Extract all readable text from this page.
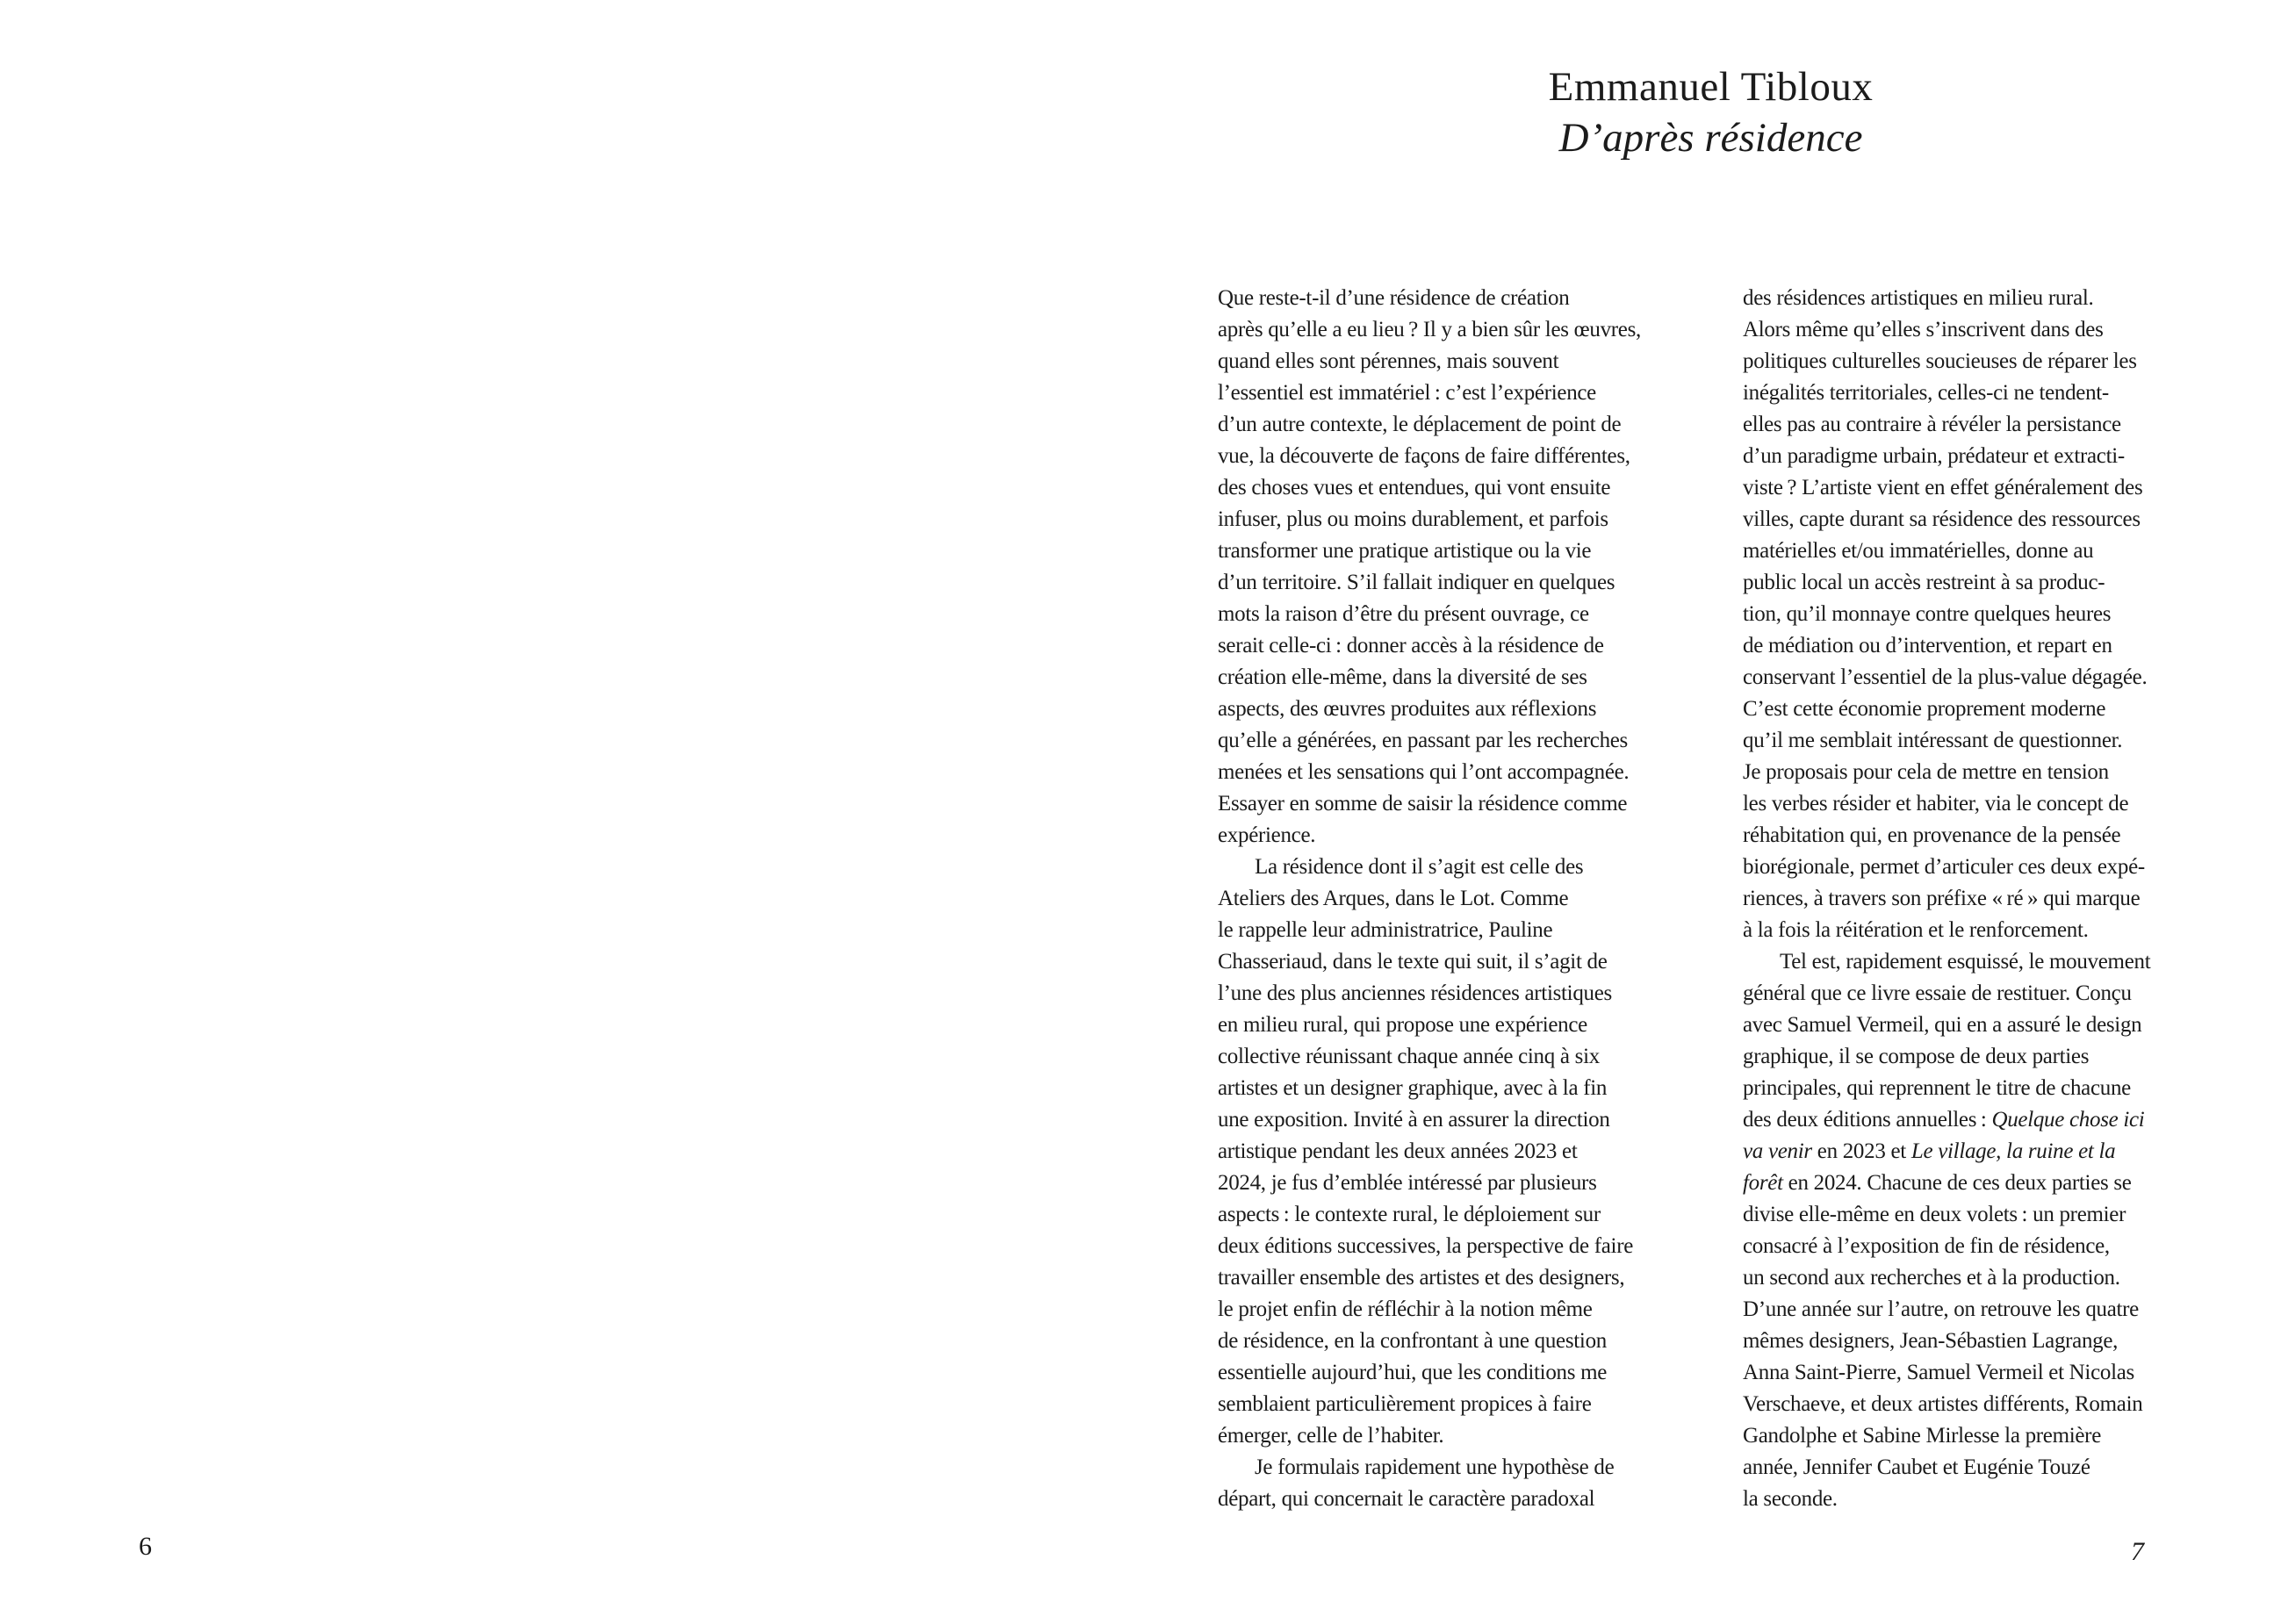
6
Emmanuel Tibloux
D’après résidence
Que reste-t-il d’une résidence de création
après qu’elle a eu lieu ? Il y a bien sûr les œuvres,
quand elles sont pérennes, mais souvent
l’essentiel est immatériel : c’est l’expérience
d’un autre contexte, le déplacement de point de
vue, la découverte de façons de faire différentes,
des choses vues et entendues, qui vont ensuite
infuser, plus ou moins durablement, et parfois
transformer une pratique artistique ou la vie
d’un territoire. S’il fallait indiquer en quelques
mots la raison d’être du présent ouvrage, ce
serait celle-ci : donner accès à la résidence de
création elle-même, dans la diversité de ses
aspects, des œuvres produites aux réflexions
qu’elle a générées, en passant par les recherches
menées et les sensations qui l’ont accompagnée.
Essayer en somme de saisir la résidence comme
expérience.
La résidence dont il s’agit est celle des
Ateliers des Arques, dans le Lot. Comme
le rappelle leur administratrice, Pauline
Chasseriaud, dans le texte qui suit, il s’agit de
l’une des plus anciennes résidences artistiques
en milieu rural, qui propose une expérience
collective réunissant chaque année cinq à six
artistes et un designer graphique, avec à la fin
une exposition. Invité à en assurer la direction
artistique pendant les deux années 2023 et
2024, je fus d’emblée intéressé par plusieurs
aspects : le contexte rural, le déploiement sur
deux éditions successives, la perspective de faire
travailler ensemble des artistes et des designers,
le projet enfin de réfléchir à la notion même
de résidence, en la confrontant à une question
essentielle aujourd’hui, que les conditions me
semblaient particulièrement propices à faire
émerger, celle de l’habiter.
Je formulais rapidement une hypothèse de
départ, qui concernait le caractère paradoxal
des résidences artistiques en milieu rural.
Alors même qu’elles s’inscrivent dans des
politiques culturelles soucieuses de réparer les
inégalités territoriales, celles-ci ne tendent-
elles pas au contraire à révéler la persistance
d’un paradigme urbain, prédateur et extracti-
viste ? L’artiste vient en effet généralement des
villes, capte durant sa résidence des ressources
matérielles et/ou immatérielles, donne au
public local un accès restreint à sa produc-
tion, qu’il monnaye contre quelques heures
de médiation ou d’intervention, et repart en
conservant l’essentiel de la plus-value dégagée.
C’est cette économie proprement moderne
qu’il me semblait intéressant de questionner.
Je proposais pour cela de mettre en tension
les verbes résider et habiter, via le concept de
réhabitation qui, en provenance de la pensée
biorégionale, permet d’articuler ces deux expé-
riences, à travers son préfixe « ré » qui marque
à la fois la réitération et le renforcement.
Tel est, rapidement esquissé, le mouvement
général que ce livre essaie de restituer. Conçu
avec Samuel Vermeil, qui en a assuré le design
graphique, il se compose de deux parties
principales, qui reprennent le titre de chacune
des deux éditions annuelles : Quelque chose ici
va venir en 2023 et Le village, la ruine et la
forêt en 2024. Chacune de ces deux parties se
divise elle-même en deux volets : un premier
consacré à l’exposition de fin de résidence,
un second aux recherches et à la production.
D’une année sur l’autre, on retrouve les quatre
mêmes designers, Jean-Sébastien Lagrange,
Anna Saint-Pierre, Samuel Vermeil et Nicolas
Verschaeve, et deux artistes différents, Romain
Gandolphe et Sabine Mirlesse la première
année, Jennifer Caubet et Eugénie Touzé
la seconde.
7
